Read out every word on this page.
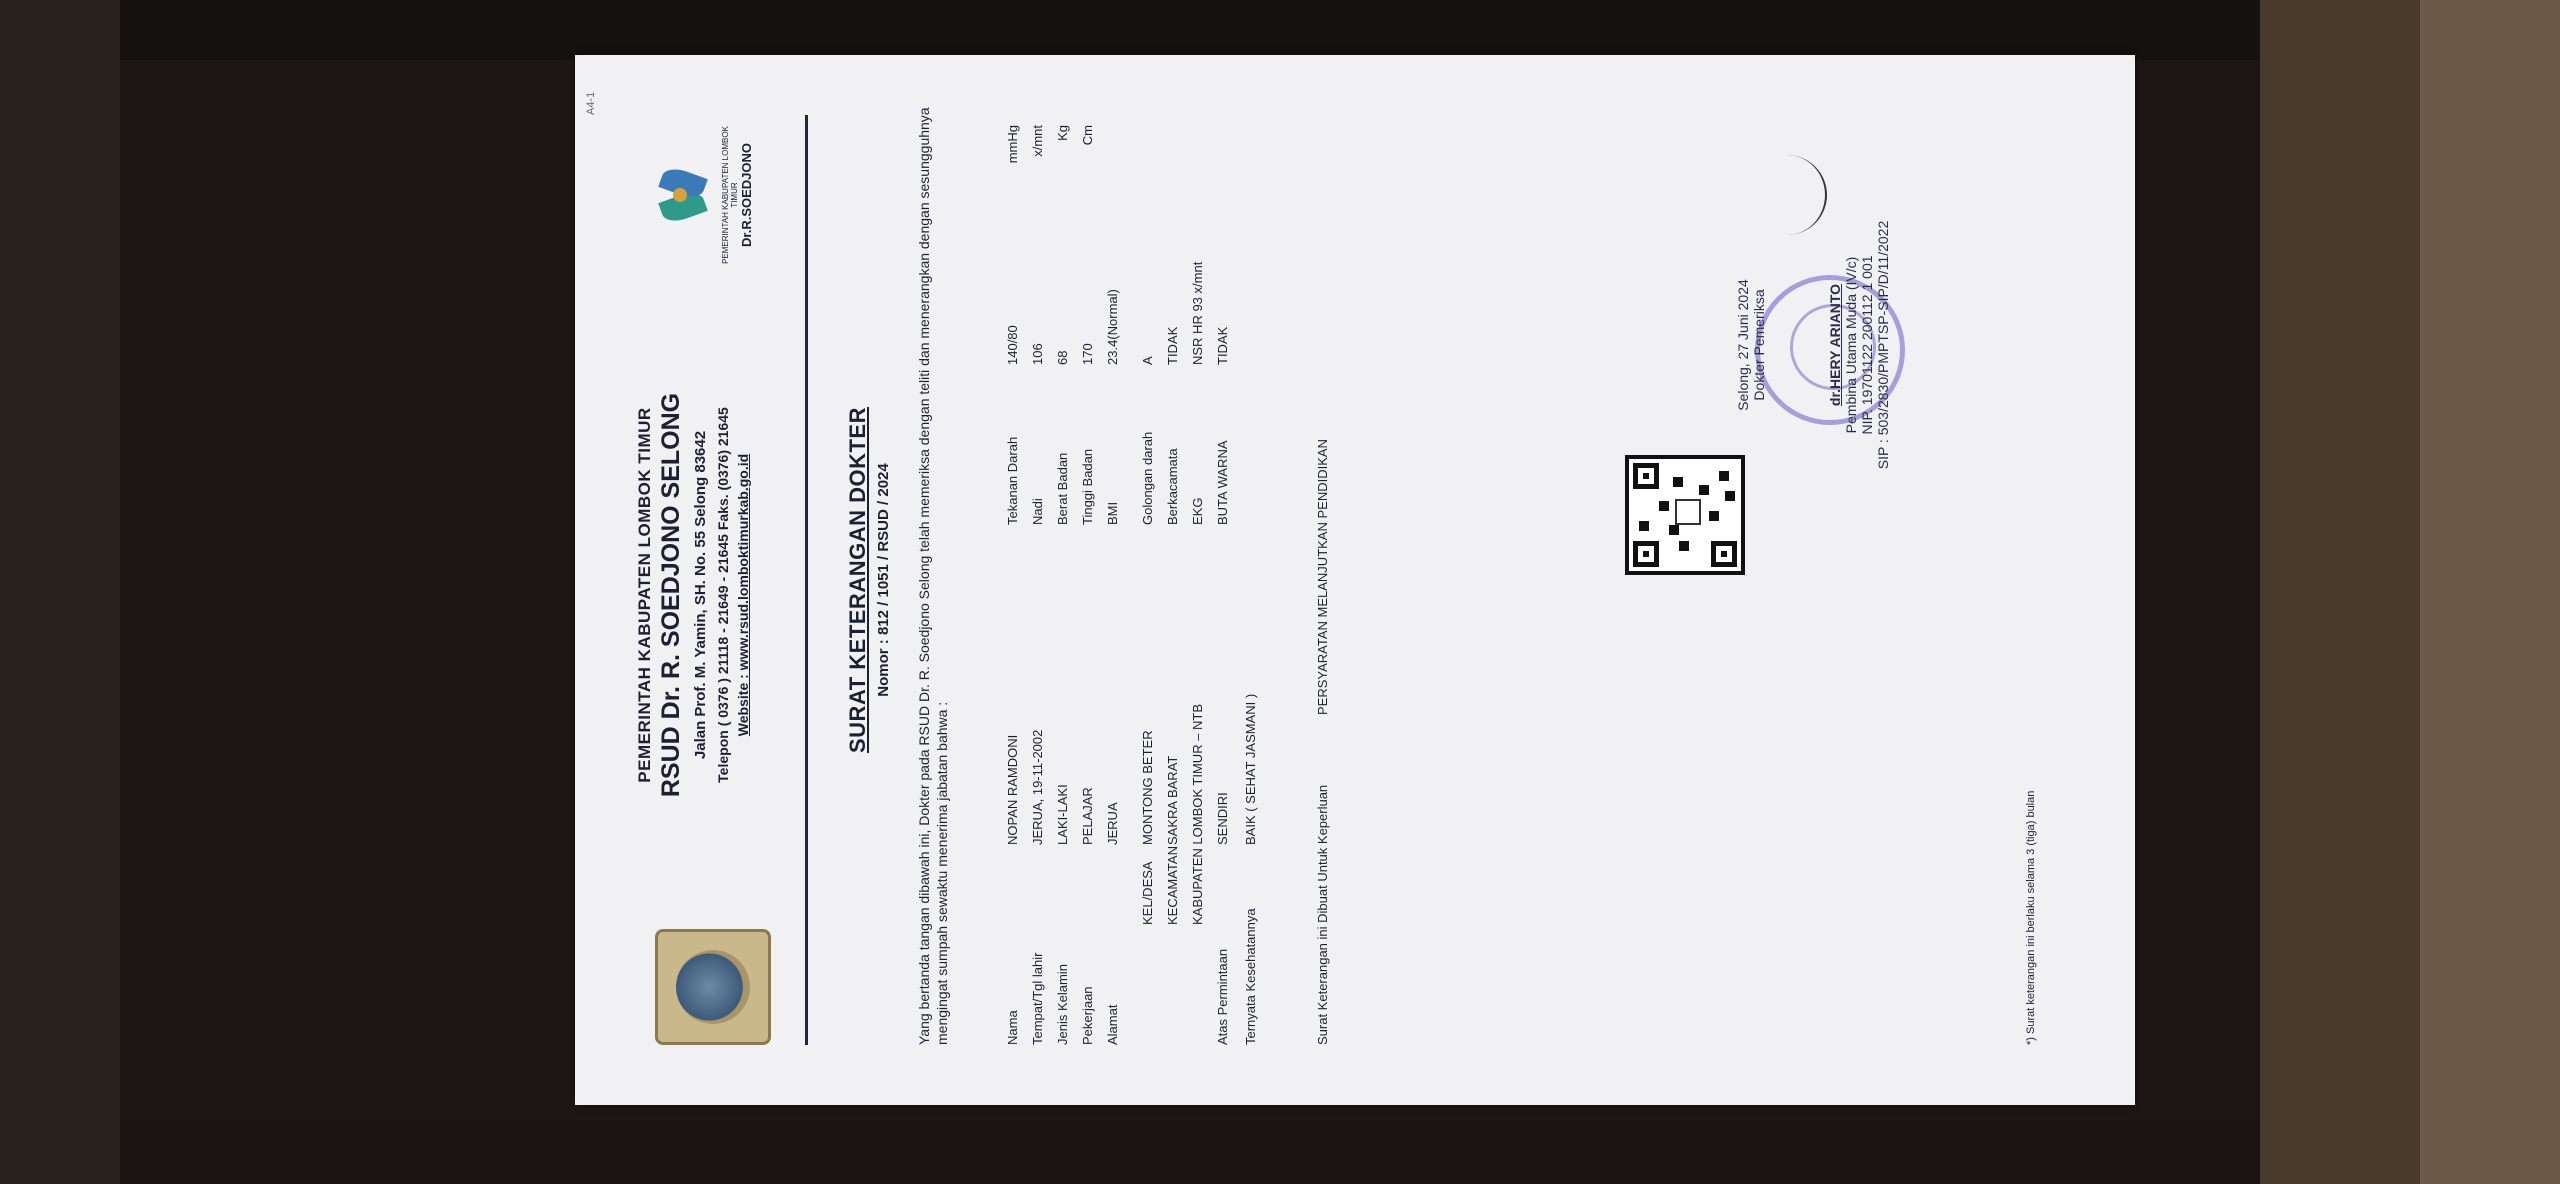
A4-1
PEMERINTAH KABUPATEN LOMBOK TIMUR RSUD Dr. R. SOEDJONO SELONG Jalan Prof. M. Yamin, SH. No. 55 Selong 83642 Telepon ( 0376 ) 21118 - 21649 - 21645 Faks. (0376) 21645 Website : www.rsud.lomboktimurkab.go.id
PEMERINTAH KABUPATEN LOMBOK TIMUR Dr.R.SOEDJONO
SURAT KETERANGAN DOKTER Nomor : 812 / 1051 / RSUD / 2024 Yang bertanda tangan dibawah ini, Dokter pada RSUD Dr. R. Soedjono Selong telah memeriksa dengan teliti dan menerangkan dengan sesungguhnya mengingat sumpah sewaktu menerima jabatan bahwa :	Nama
NOPAN RAMDONI
Tekanan Darah
140/80
mmHg
Tempat/Tgl lahir
JERUA, 19-11-2002
Nadi
106
x/mnt
Jenis Kelamin
LAKI-LAKI
Berat Badan
68
Kg
Pekerjaan
PELAJAR
Tinggi Badan
170
Cm
Alamat
JERUA
BMI
23.4(Normal)
KEL/DESA
MONTONG BETER
Golongan darah
A
KECAMATAN
SAKRA BARAT
Berkacamata
TIDAK
KABUPATEN LOMBOK TIMUR – NTB
EKG
NSR HR 93 x/mnt
Atas Permintaan
SENDIRI
BUTA WARNA
TIDAK
Ternyata Kesehatannya
BAIK ( SEHAT JASMANI )
Surat Keterangan ini Dibuat Untuk Keperluan
PERSYARATAN MELANJUTKAN PENDIDIKAN
Selong, 27 Juni 2024 Dokter Pemeriksa	dr.HERY ARIANTO Pembina Utama Muda (IV/c) NIP. 19701122 200112 1 001 SIP : 503/2830/PMPTSP-SIP/D/11/2022
*) Surat keterangan ini berlaku selama 3 (tiga) bulan
